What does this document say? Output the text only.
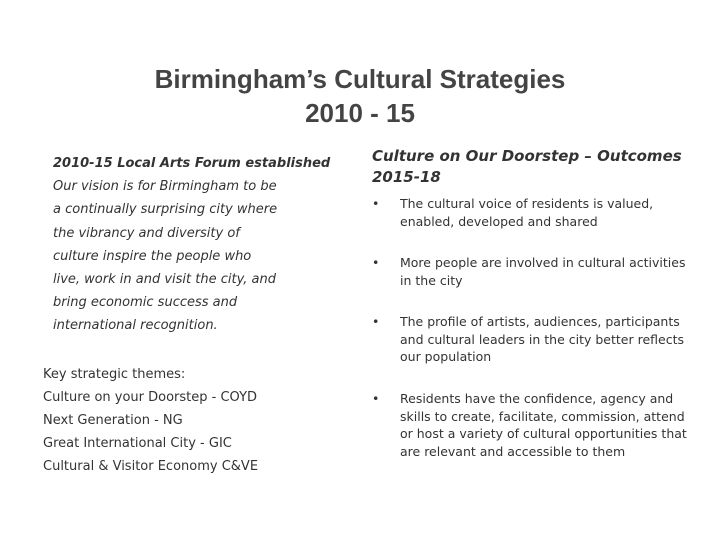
Birmingham’s Cultural Strategies
2010 - 15
2010-15 Local Arts Forum established
Our vision is for Birmingham to be
a continually surprising city where
the vibrancy and diversity of
culture inspire the people who
live, work in and visit the city, and
bring economic success and
international recognition.
Key strategic themes:
Culture on your Doorstep - COYD
Next Generation - NG
Great International City - GIC
Cultural & Visitor Economy C&VE
Culture on Our Doorstep – Outcomes 2015-18
• The cultural voice of residents is valued, enabled, developed and shared
• More people are involved in cultural activities in the city
• The profile of artists, audiences, participants and cultural leaders in the city better reflects our population
• Residents have the confidence, agency and skills to create, facilitate, commission, attend or host a variety of cultural opportunities that are relevant and accessible to them
